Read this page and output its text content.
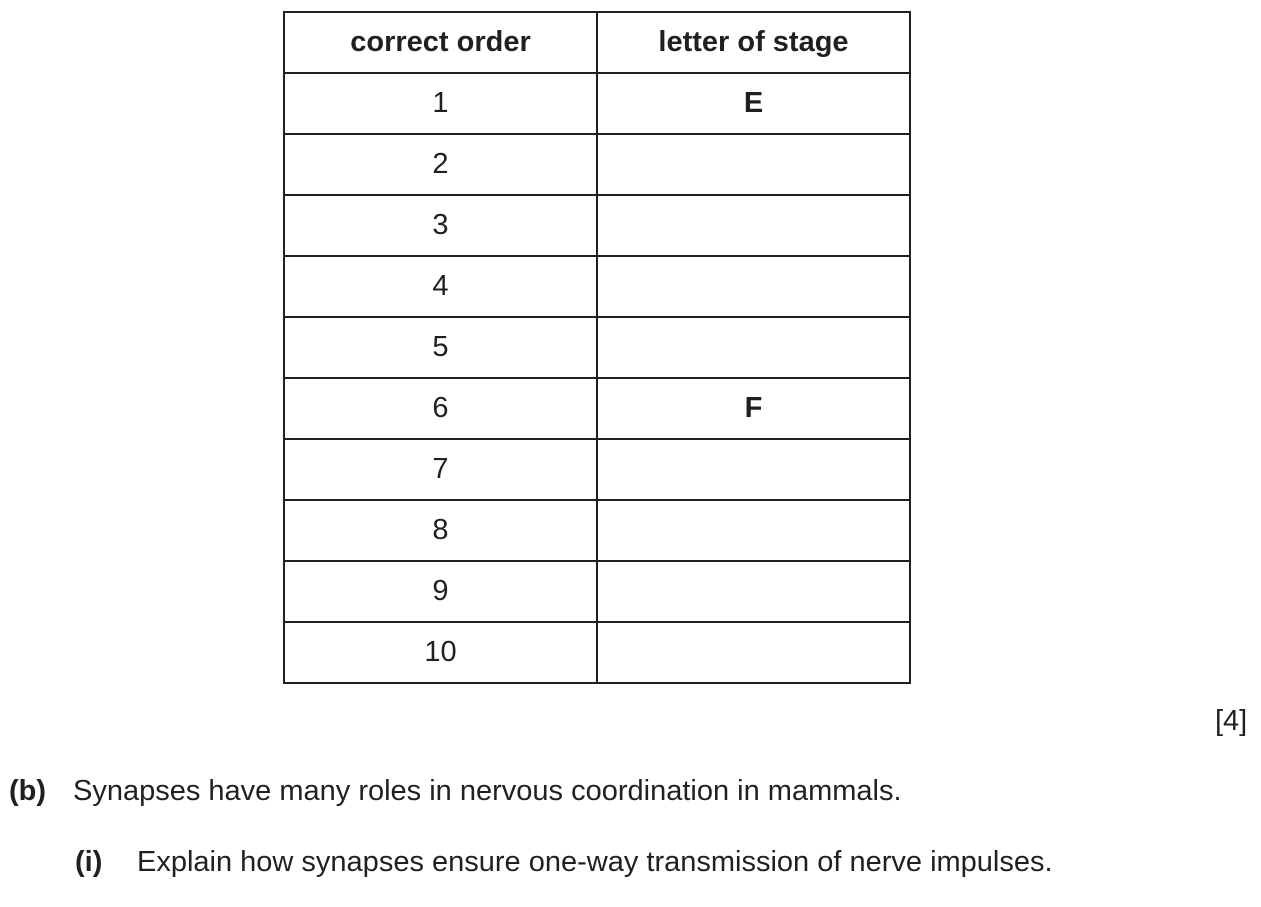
correct order	letter of stage
1	E
2	
3	
4	
5	
6	F
7	
8	
9	
10	
[4]
(b) Synapses have many roles in nervous coordination in mammals.
(i) Explain how synapses ensure one-way transmission of nerve impulses.
